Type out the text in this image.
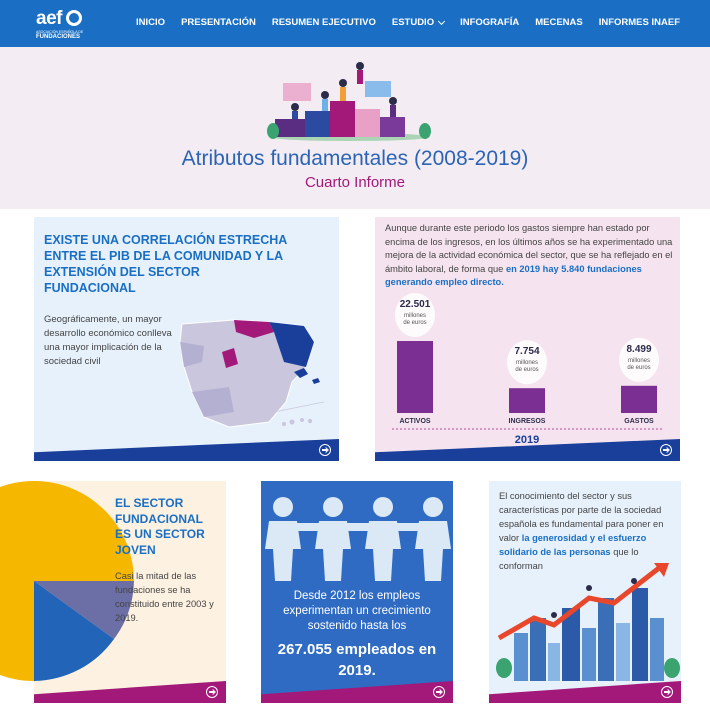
aef
ASOCIACIÓN ESPAÑOLA DE
FUNDACIONES
INICIO PRESENTACIÓN RESUMEN EJECUTIVO ESTUDIO	INFOGRAFÍA MECENAS INFORMES INAEF
Atributos fundamentales (2008-2019)
Cuarto Informe
EXISTE UNA CORRELACIÓN ESTRECHA ENTRE EL PIB DE LA COMUNIDAD Y LA EXTENSIÓN DEL SECTOR FUNDACIONAL
Geográficamente, un mayor desarrollo económico conlleva una mayor implicación de la sociedad civil
Aunque durante este periodo los gastos siempre han estado por encima de los ingresos, en los últimos años se ha experimentado una mejora de la actividad económica del sector, que se ha reflejado en el ámbito laboral, de forma que en 2019 hay 5.840 fundaciones generando empleo directo.
22.501
millones de euros
ACTIVOS
7.754
millones de euros
INGRESOS
8.499
millones de euros
GASTOS
2019
EL SECTOR FUNDACIONAL ES UN SECTOR JOVEN
Casi la mitad de las fundaciones se ha constituido entre 2003 y 2019.
Desde 2012 los empleos experimentan un crecimiento sostenido hasta los
267.055 empleados en 2019.
El conocimiento del sector y sus características por parte de la sociedad española es fundamental para poner en valor la generosidad y el esfuerzo solidario de las personas que lo conforman
